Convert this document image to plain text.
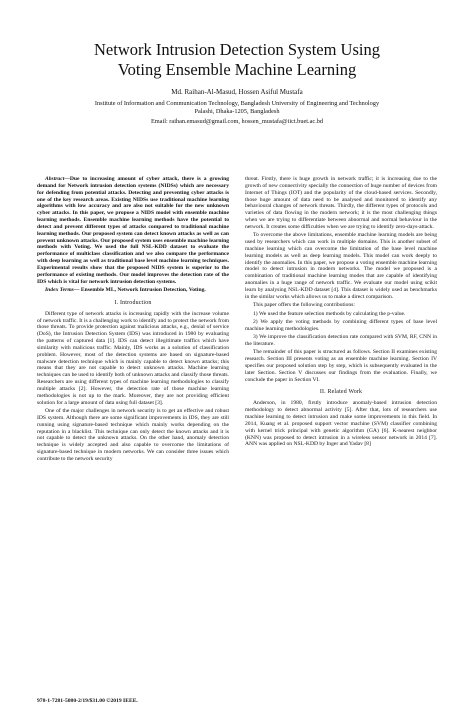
Network Intrusion Detection System Using
Voting Ensemble Machine Learning
Md. Raihan-Al-Masud, Hossen Asiful Mustafa
Institute of Information and Communication Technology, Bangladesh University of Engineering and Technology
Palashi, Dhaka-1205, Bangladesh
Email: raihan.emasud@gmail.com, hossen_mustafa@iict.buet.ac.bd

Abstract—Due to increasing amount of cyber attack, there is a growing demand for Network intrusion detection systems (NIDSs) which are necessary for defending from potential attacks. Detecting and preventing cyber attacks is one of the key research areas. Existing NIDSs use traditional machine learning algorithms with low accuracy and are also not suitable for the new unknown cyber attacks. In this paper, we propose a NIDS model with ensemble machine learning methods. Ensemble machine learning methods have the potential to detect and prevent different types of attacks compared to traditional machine learning methods. Our proposed system can detect known attacks as well as can prevent unknown attacks. Our proposed system uses ensemble machine learning methods with Voting. We used the full NSL-KDD dataset to evaluate the performance of multiclass classification and we also compare the performance with deep learning as well as traditional base level machine learning techniques. Experimental results show that the proposed NIDS system is superior to the performance of existing methods. Our model improves the detection rate of the IDS which is vital for network intrusion detection systems.

Index Terms— Ensemble ML, Network Intrusion Detection, Voting.

I. Introduction

Different type of network attacks is increasing rapidly with the increase volume of network traffic. It is a challenging work to identify and to protect the network from those threats. To provide protection against malicious attacks, e.g., denial of service (DoS), the Intrusion Detection System (IDS) was introduced in 1980 by evaluating the patterns of captured data [1]. IDS can detect illegitimate traffics which have similarity with malicious traffic. Mainly, IDS works as a solution of classification problem. However, most of the detection systems are based on signature-based malware detection technique which is mainly capable to detect known attacks; this means that they are not capable to detect unknown attacks. Machine learning techniques can be used to identify both of unknown attacks and classify those threats. Researchers are using different types of machine learning methodologies to classify multiple attacks [2]. However, the detection rate of those machine learning methodologies is not up to the mark. Moreover, they are not providing efficient solution for a large amount of data using full dataset [3].

One of the major challenges in network security is to get an effective and robust IDS system. Although there are some significant improvements in IDS, they are still running using signature-based technique which mainly works depending on the reputation in a blacklist. This technique can only detect the known attacks and it is not capable to detect the unknown attacks. On the other hand, anomaly detection technique is widely accepted and also capable to overcome the limitations of signature-based technique in modern networks. We can consider three issues which contribute to the network security

threat. Firstly, there is huge growth in network traffic; it is increasing due to the growth of new connectivity specially the connection of huge number of devices from Internet of Things (IOT) and the popularity of the cloud-based services. Secondly, those huge amount of data need to be analysed and monitored to identify any behavioural changes of network threats. Thirdly, the different types of protocols and varieties of data flowing in the modern network; it is the most challenging things when we are trying to differentiate between abnormal and normal behaviour in the network. It creates some difficulties when we are trying to identify zero-days-attack.

To overcome the above limitations, ensemble machine learning models are being used by researchers which can work in multiple domains. This is another subset of machine learning which can overcome the limitation of the base level machine learning models as well as deep learning models. This model can work deeply to identify the anomalies. In this paper, we propose a voting ensemble machine learning model to detect intrusion in modern networks. The model we proposed is a combination of traditional machine learning modes that are capable of identifying anomalies in a huge range of network traffic. We evaluate our model using scikit learn by analysing NSL-KDD dataset [4]. This dataset is widely used as benchmarks in the similar works which allows us to make a direct comparison.

This paper offers the following contributions:

1) We used the feature selection methods by calculating the p-value.

2) We apply the voting methods by combining different types of base level machine learning methodologies.

3) We improve the classification detection rate compared with SVM, RF, CNN in the literature.

The remainder of this paper is structured as follows. Section II examines existing research. Section III presents voting as an ensemble machine learning. Section IV specifies our proposed solution step by step, which is subsequently evaluated in the later Section. Section V discusses our findings from the evaluation. Finally, we conclude the paper in Section VI.

II. Related Work

Anderson, in 1980, firstly introduce anomaly-based intrusion detection methodology to detect abnormal activity [5]. After that, lots of researchers use machine learning to detect intrusion and make some improvements in this field. In 2014, Kuang et al. proposed support vector machine (SVM) classifier combining with kernel trick principal with genetic algorithm (GA) [6]. K-nearest neighbor (KNN) was proposed to detect intrusion in a wireless sensor network in 2014 [7]. ANN was applied on NSL-KDD by Inger and Yadav [8]

978-1-7281-5080-2/19/$31.00 ©2019 IEEE.
